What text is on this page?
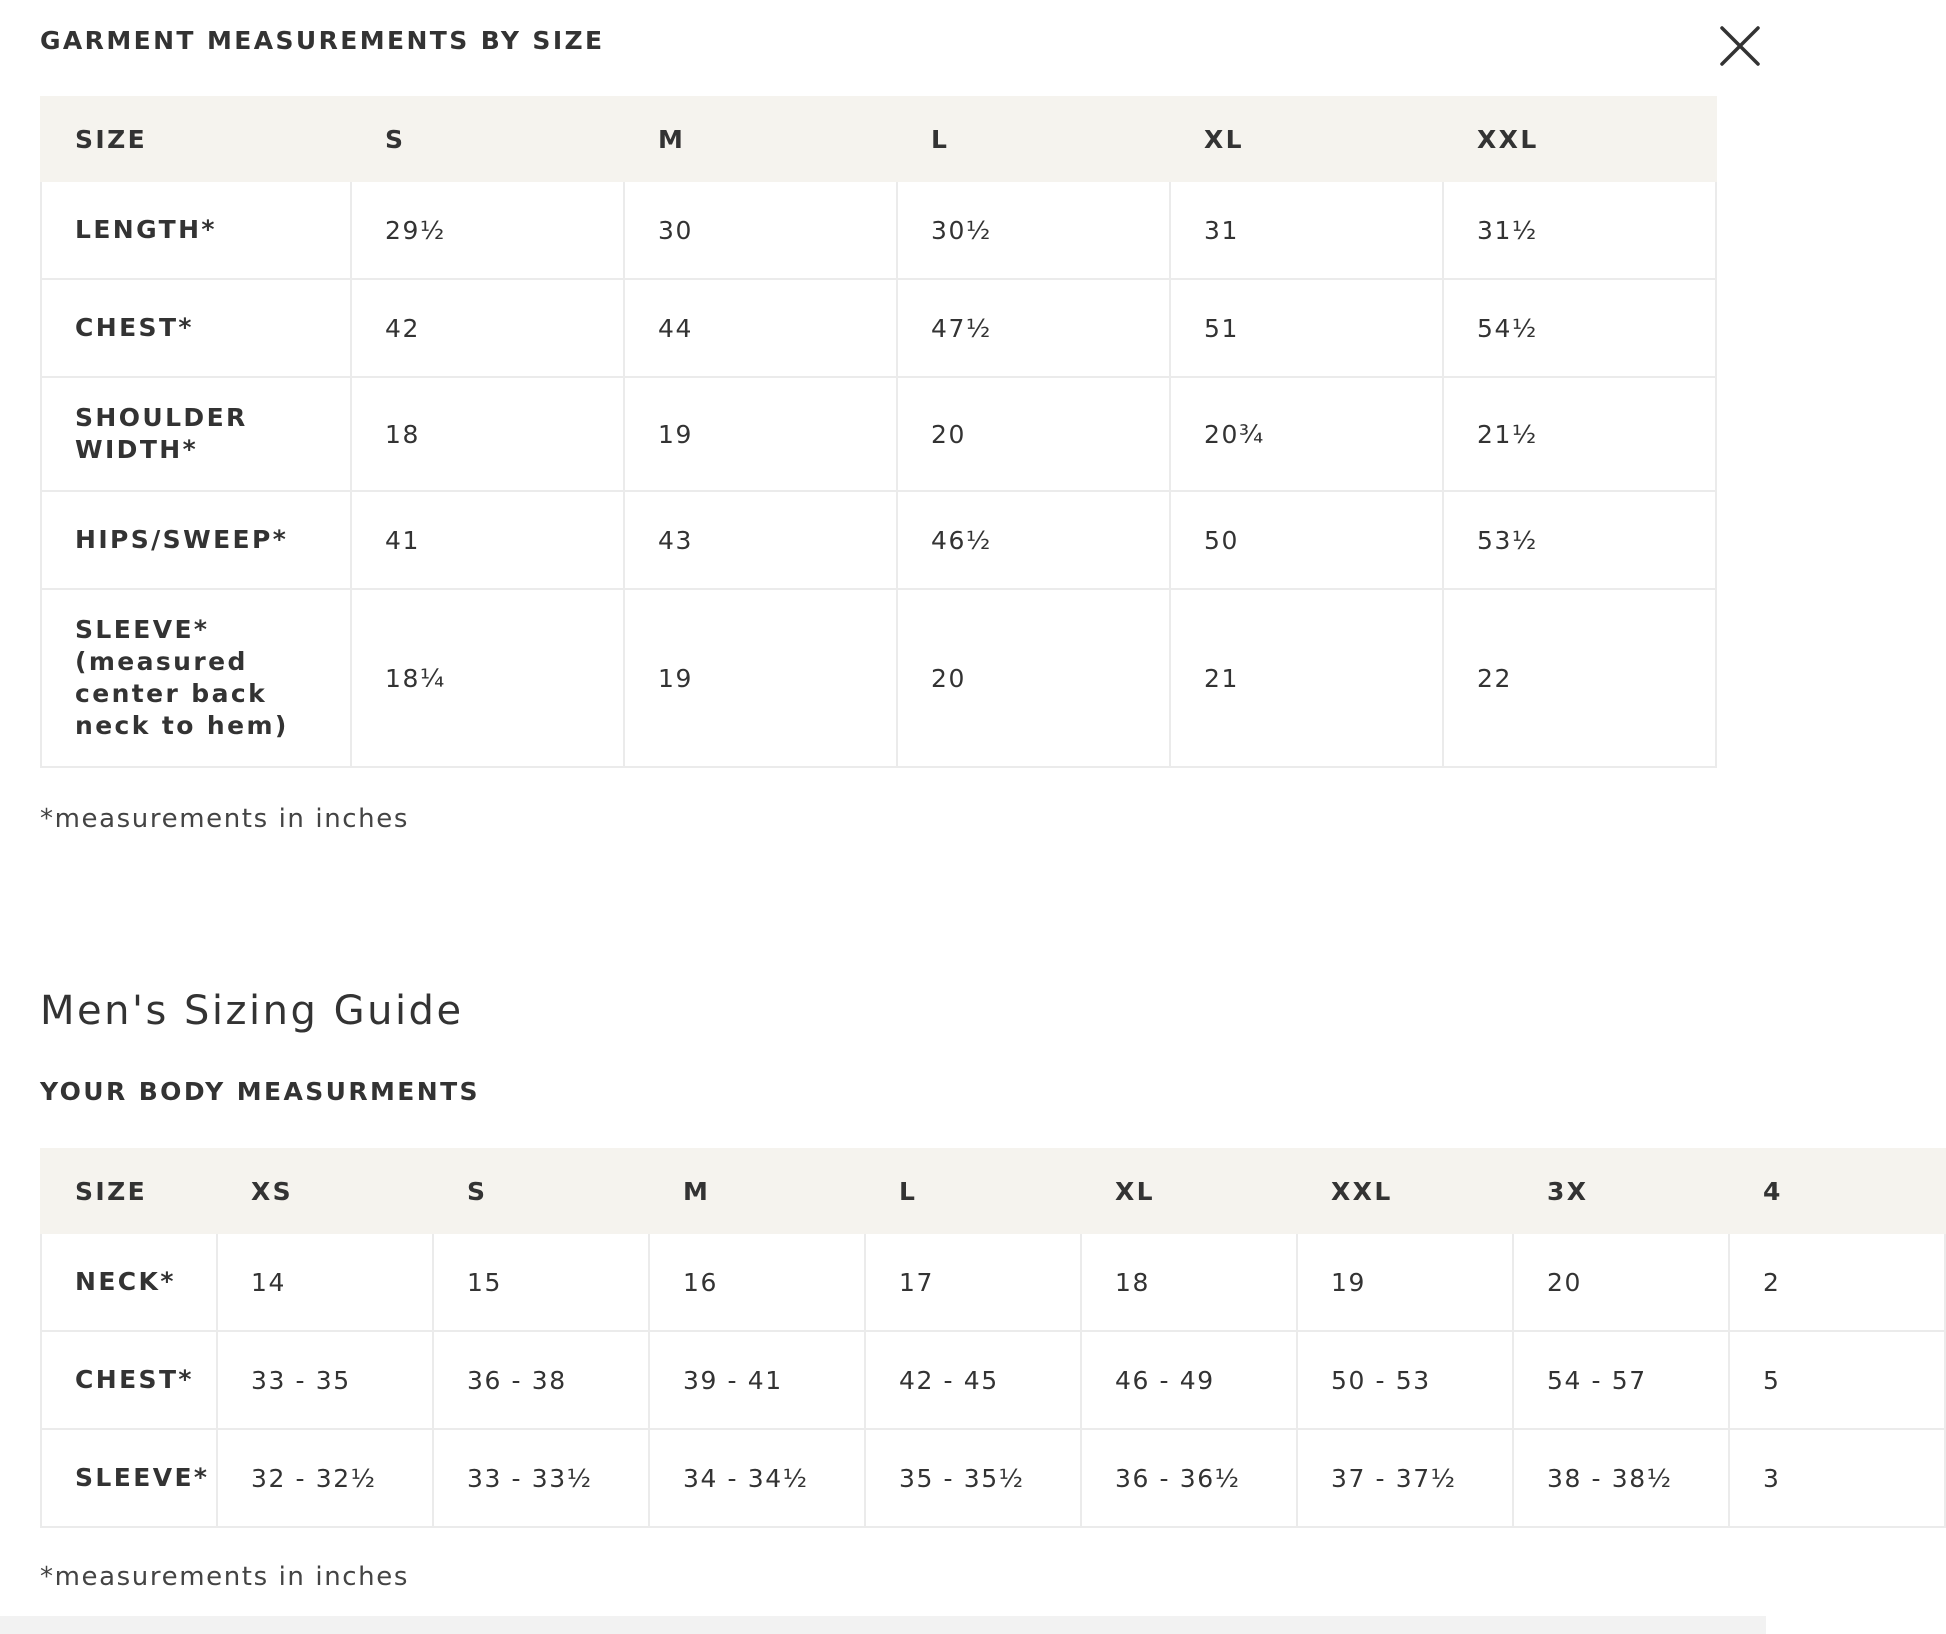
GARMENT MEASUREMENTS BY SIZE
SIZE	S	M	L	XL	XXL
LENGTH*	29½	30	30½	31	31½
CHEST*	42	44	47½	51	54½
SHOULDER WIDTH*	18	19	20	20¾	21½
HIPS/SWEEP*	41	43	46½	50	53½
SLEEVE* (measured center back neck to hem)	18¼	19	20	21	22
*measurements in inches
Men's Sizing Guide
YOUR BODY MEASURMENTS
SIZE	XS	S	M	L	XL	XXL	3X	4
NECK*	14	15	16	17	18	19	20	2
CHEST*	33 - 35	36 - 38	39 - 41	42 - 45	46 - 49	50 - 53	54 - 57	5
SLEEVE*	32 - 32½	33 - 33½	34 - 34½	35 - 35½	36 - 36½	37 - 37½	38 - 38½	3
*measurements in inches
